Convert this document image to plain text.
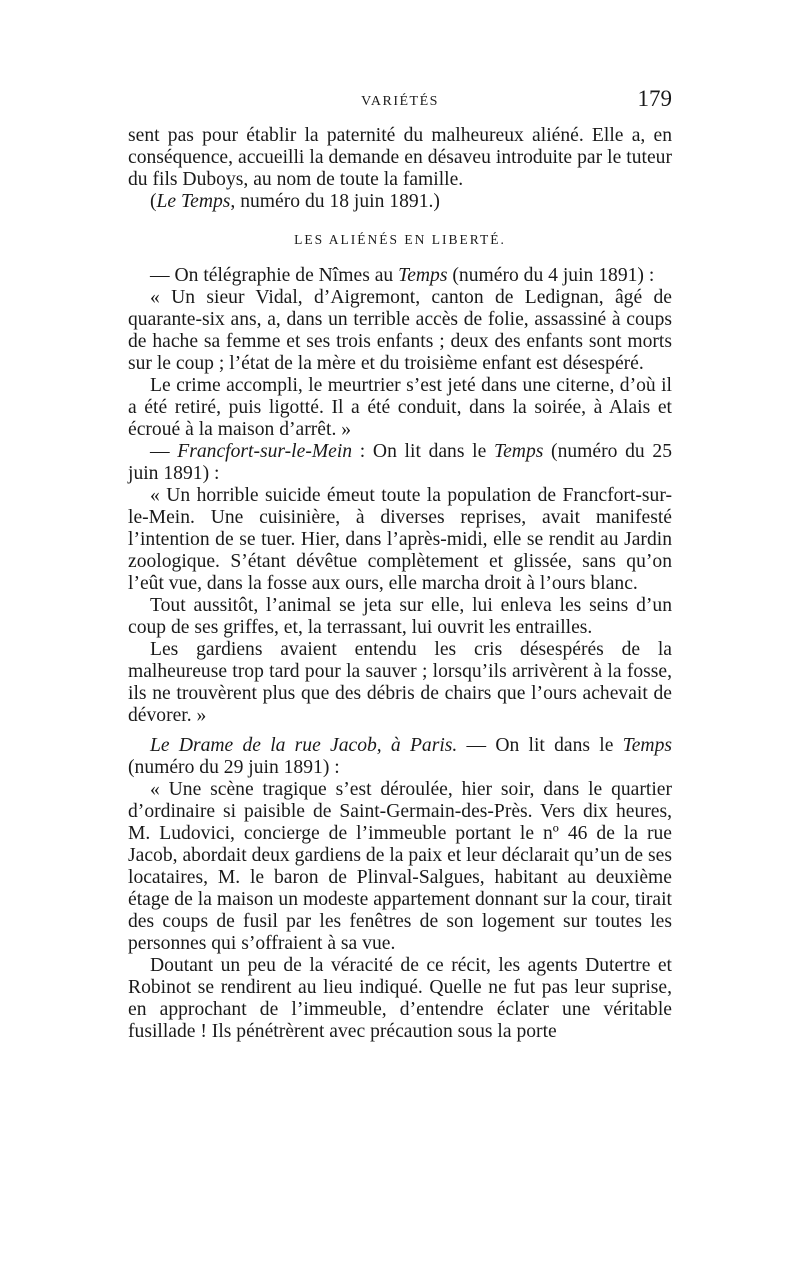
VARIÉTÉS	179

sent pas pour établir la paternité du malheureux aliéné. Elle a, en conséquence, accueilli la demande en désaveu introduite par le tuteur du fils Duboys, au nom de toute la famille.

(Le Temps, numéro du 18 juin 1891.)

LES ALIÉNÉS EN LIBERTÉ.

— On télégraphie de Nîmes au Temps (numéro du 4 juin 1891) :

« Un sieur Vidal, d’Aigremont, canton de Ledignan, âgé de quarante-six ans, a, dans un terrible accès de folie, assassiné à coups de hache sa femme et ses trois enfants ; deux des enfants sont morts sur le coup ; l’état de la mère et du troisième enfant est désespéré.

Le crime accompli, le meurtrier s’est jeté dans une citerne, d’où il a été retiré, puis ligotté. Il a été conduit, dans la soirée, à Alais et écroué à la maison d’arrêt. »

— Francfort-sur-le-Mein : On lit dans le Temps (numéro du 25 juin 1891) :

« Un horrible suicide émeut toute la population de Francfort-sur-le-Mein. Une cuisinière, à diverses reprises, avait manifesté l’intention de se tuer. Hier, dans l’après-midi, elle se rendit au Jardin zoologique. S’étant dévêtue complètement et glissée, sans qu’on l’eût vue, dans la fosse aux ours, elle marcha droit à l’ours blanc.

Tout aussitôt, l’animal se jeta sur elle, lui enleva les seins d’un coup de ses griffes, et, la terrassant, lui ouvrit les entrailles.

Les gardiens avaient entendu les cris désespérés de la malheureuse trop tard pour la sauver ; lorsqu’ils arrivèrent à la fosse, ils ne trouvèrent plus que des débris de chairs que l’ours achevait de dévorer. »

Le Drame de la rue Jacob, à Paris. — On lit dans le Temps (numéro du 29 juin 1891) :

« Une scène tragique s’est déroulée, hier soir, dans le quartier d’ordinaire si paisible de Saint-Germain-des-Près. Vers dix heures, M. Ludovici, concierge de l’immeuble portant le nº 46 de la rue Jacob, abordait deux gardiens de la paix et leur déclarait qu’un de ses locataires, M. le baron de Plinval-Salgues, habitant au deuxième étage de la maison un modeste appartement donnant sur la cour, tirait des coups de fusil par les fenêtres de son logement sur toutes les personnes qui s’offraient à sa vue.

Doutant un peu de la véracité de ce récit, les agents Dutertre et Robinot se rendirent au lieu indiqué. Quelle ne fut pas leur suprise, en approchant de l’immeuble, d’entendre éclater une véritable fusillade ! Ils pénétrèrent avec précaution sous la porte
